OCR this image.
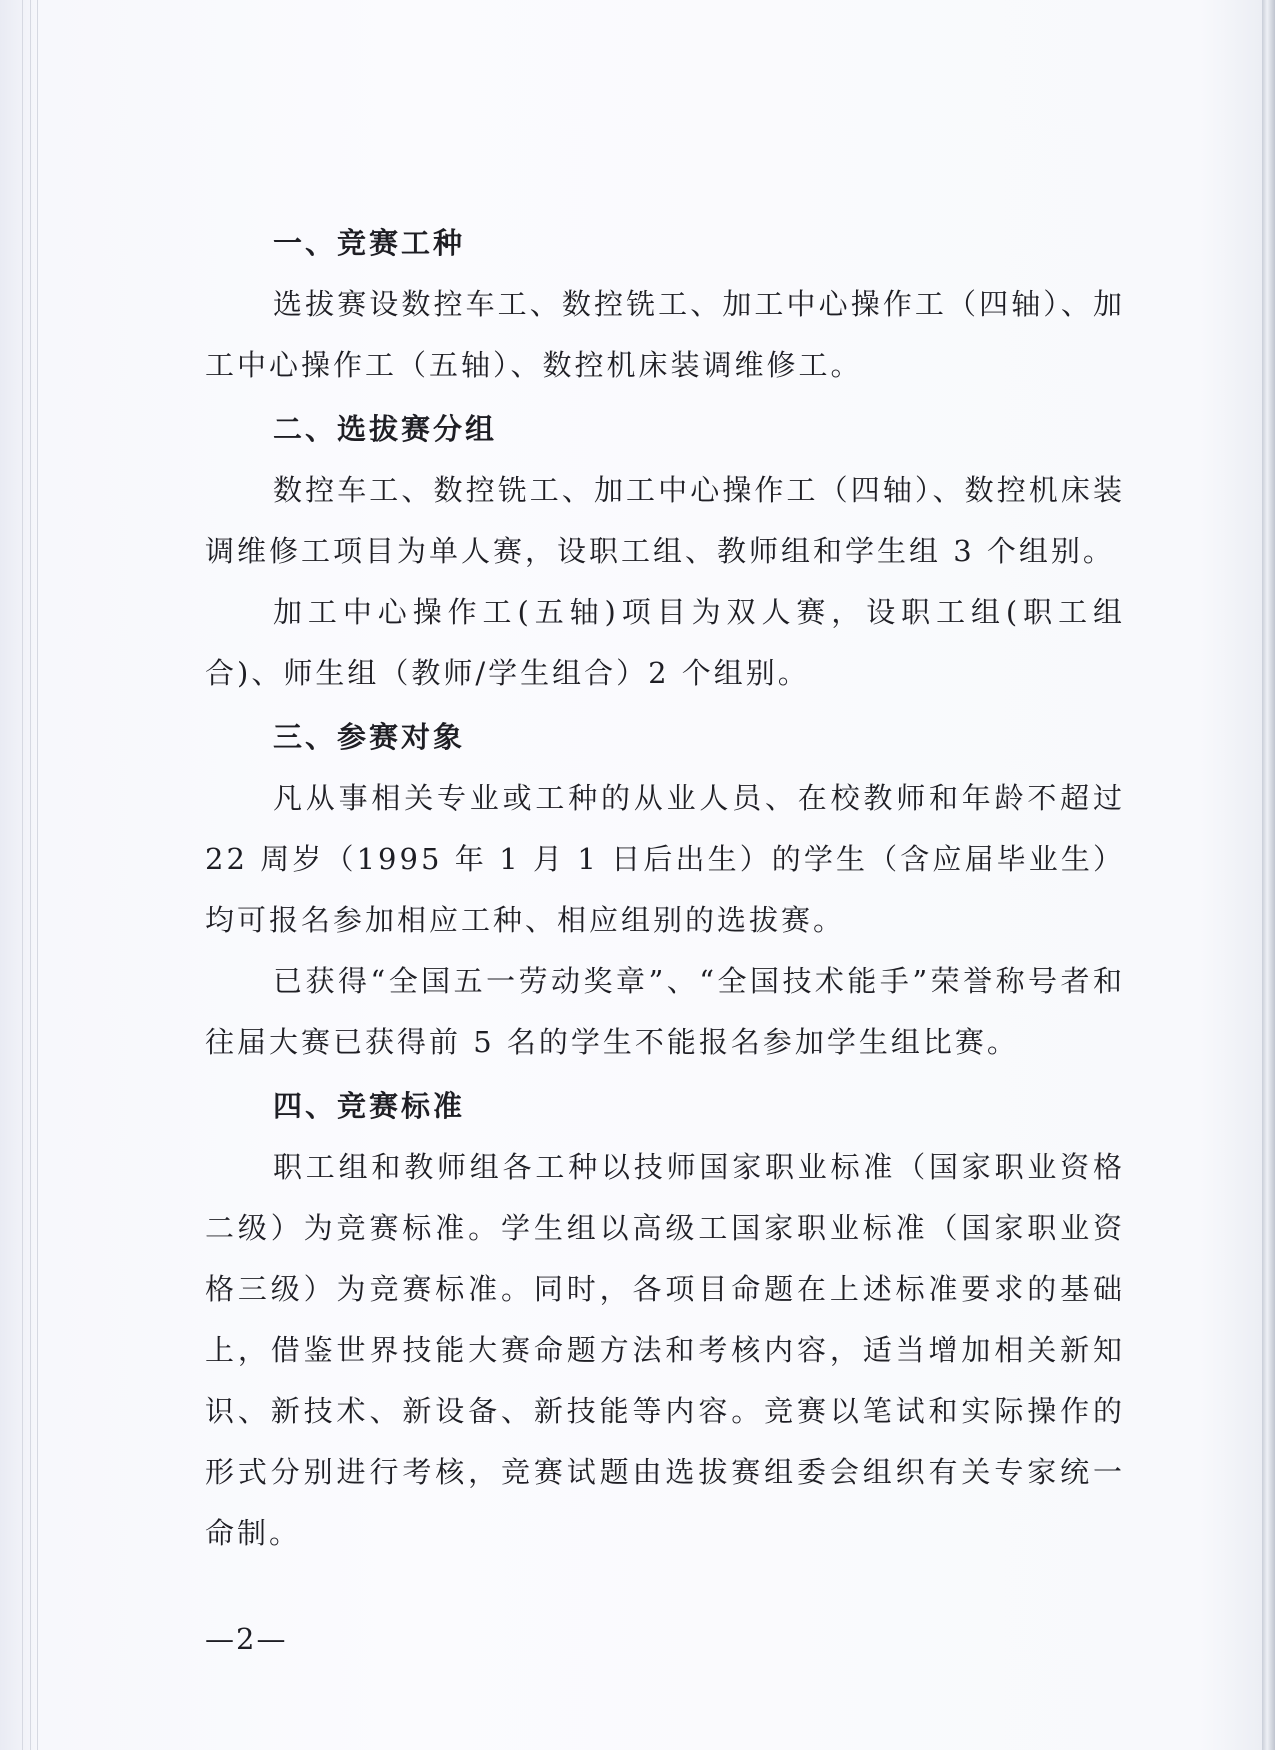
一、竞赛工种

选拔赛设数控车工、数控铣工、加工中心操作工（四轴）、加工中心操作工（五轴）、数控机床装调维修工。

二、选拔赛分组

数控车工、数控铣工、加工中心操作工（四轴）、数控机床装调维修工项目为单人赛，设职工组、教师组和学生组 3 个组别。

加工中心操作工(五轴)项目为双人赛，设职工组(职工组合)、师生组（教师/学生组合）2 个组别。

三、参赛对象

凡从事相关专业或工种的从业人员、在校教师和年龄不超过 22 周岁（1995 年 1 月 1 日后出生）的学生（含应届毕业生）均可报名参加相应工种、相应组别的选拔赛。

已获得“全国五一劳动奖章”、“全国技术能手”荣誉称号者和往届大赛已获得前 5 名的学生不能报名参加学生组比赛。

四、竞赛标准

职工组和教师组各工种以技师国家职业标准（国家职业资格二级）为竞赛标准。学生组以高级工国家职业标准（国家职业资格三级）为竞赛标准。同时，各项目命题在上述标准要求的基础上，借鉴世界技能大赛命题方法和考核内容，适当增加相关新知识、新技术、新设备、新技能等内容。竞赛以笔试和实际操作的形式分别进行考核，竞赛试题由选拔赛组委会组织有关专家统一命制。

—2—
